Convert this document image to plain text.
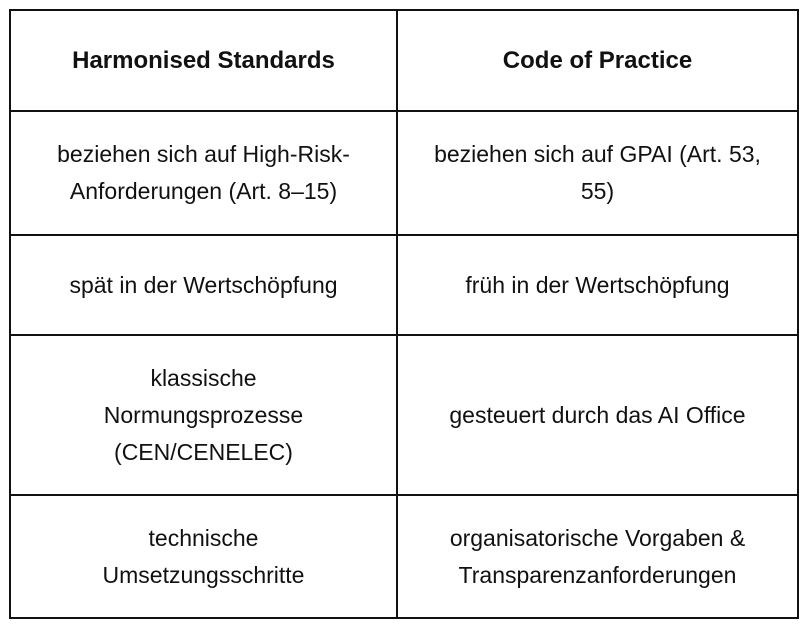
Harmonised Standards	Code of Practice
beziehen sich auf High-Risk-Anforderungen (Art. 8–15)	beziehen sich auf GPAI (Art. 53, 55)
spät in der Wertschöpfung	früh in der Wertschöpfung
klassische Normungsprozesse (CEN/CENELEC)	gesteuert durch das AI Office
technische Umsetzungsschritte	organisatorische Vorgaben & Transparenzanforderungen
